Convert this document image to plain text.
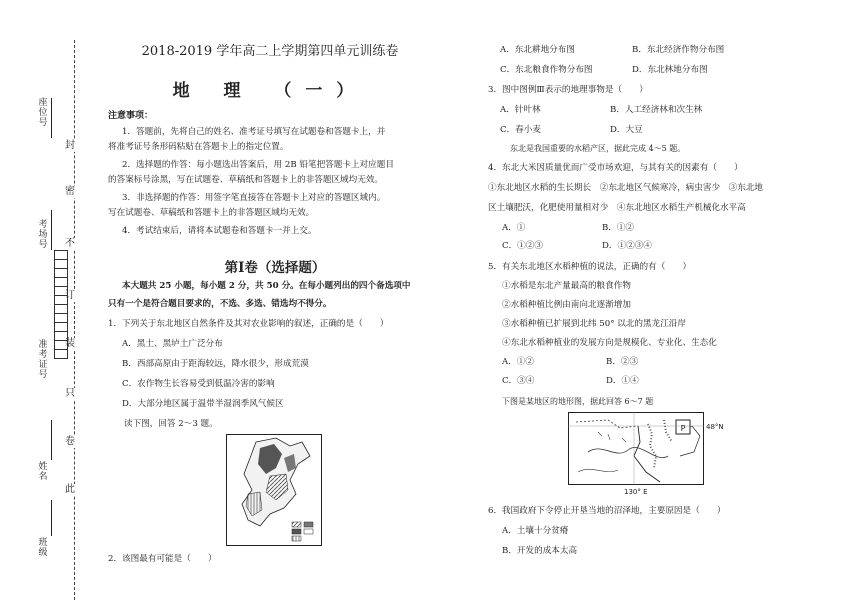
封
密
不
订
装
只
卷
此
座位号
考场号
准考证号
姓名
班级
2018-2019 学年高二上学期第四单元训练卷
地 理 （一）
注意事项：
1．答题前，先将自己的姓名、准考证号填写在试题卷和答题卡上，并
将准考证号条形码粘贴在答题卡上的指定位置。
2．选择题的作答：每小题选出答案后，用 2B 铅笔把答题卡上对应题目
的答案标号涂黑，写在试题卷、草稿纸和答题卡上的非答题区域均无效。
3．非选择题的作答：用签字笔直接答在答题卡上对应的答题区域内。
写在试题卷、草稿纸和答题卡上的非答题区域均无效。
4．考试结束后，请将本试题卷和答题卡一并上交。
第Ⅰ卷（选择题）
本大题共 25 小题，每小题 2 分，共 50 分。在每小题列出的四个备选项中
只有一个是符合题目要求的，不选、多选、错选均不得分。
1．下列关于东北地区自然条件及其对农业影响的叙述，正确的是（　　）
A．黑土、黑垆土广泛分布
B．西部高原由于距海较远，降水很少，形成荒漠
C．农作物生长容易受到低温冷害的影响
D．大部分地区属于温带半湿润季风气候区
读下图，回答 2～3 题。
2．该图最有可能是（　　）
A．东北耕地分布图	B．东北经济作物分布图
C．东北粮食作物分布图	D．东北林地分布图
3．图中图例Ⅲ表示的地理事物是（　　）
A．针叶林	B．人工经济林和次生林
C．春小麦	D．大豆
东北是我国重要的水稻产区，据此完成 4～5 题。
4．东北大米因质量优而广受市场欢迎，与其有关的因素有（　　）
①东北地区水稻的生长期长　②东北地区气候寒冷，病虫害少　③东北地
区土壤肥沃，化肥使用量相对少　④东北地区水稻生产机械化水平高
A．①	B．①②
C．①②③	D．①②③④
5．有关东北地区水稻种植的说法，正确的有（　　）
①水稻是东北产量最高的粮食作物
②水稻种植比例由南向北逐渐增加
③水稻种植已扩展到北纬 50° 以北的黑龙江沿岸
④东北水稻种植业的发展方向是规模化、专业化、生态化
A．①②	B．②③
C．③④	D．①④
下图是某地区的地形图，据此回答 6～7 题
P	48°N
130° E
6．我国政府下令停止开垦当地的沼泽地，主要原因是（　　）
A．土壤十分贫瘠
B．开发的成本太高
